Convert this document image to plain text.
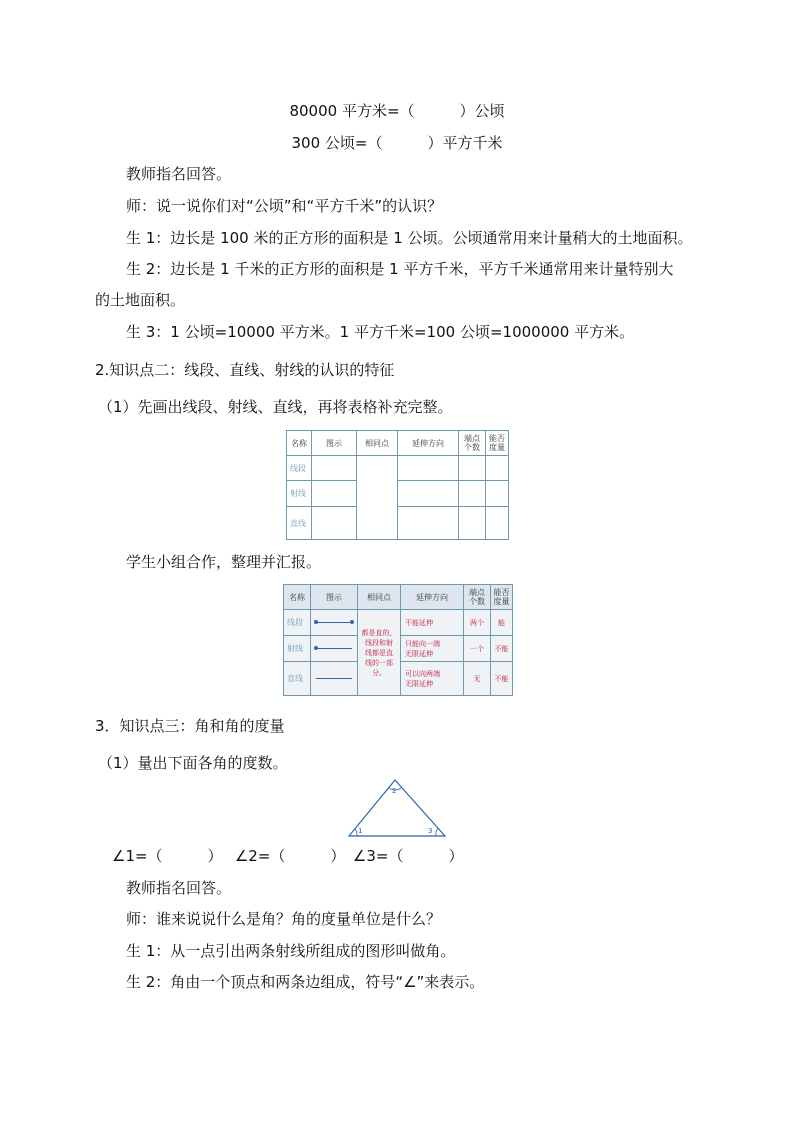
80000 平方米=（　　　）公顷
300 公顷=（　　　）平方千米
教师指名回答。
师：说一说你们对“公顷”和“平方千米”的认识？
生 1：边长是 100 米的正方形的面积是 1 公顷。公顷通常用来计量稍大的土地面积。
生 2：边长是 1 千米的正方形的面积是 1 平方千米，平方千米通常用来计量特别大
的土地面积。
生 3：1 公顷=10000 平方米。1 平方千米=100 公顷=1000000 平方米。
2.知识点二：线段、直线、射线的认识的特征
（1）先画出线段、射线、直线，再将表格补充完整。
名称	图示	相同点	延伸方向	端点
个数	能否
度量
线段					
射线					
直线					
学生小组合作，整理并汇报。
名称	图示	相同点	延伸方向	端点
个数	能否
度量
线段		都是直的，
线段和射
线都是直
线的一部
分。	不能延伸	两个	能
射线			只能向一端
无限延伸	一个	不能
直线			可以向两端
无限延伸	无	不能
3．知识点三：角和角的度量
（1）量出下面各角的度数。
1
2
3
∠1=（　　　）　 ∠2=（　　　）　∠3=（　　　）
教师指名回答。
师：谁来说说什么是角？角的度量单位是什么？
生 1：从一点引出两条射线所组成的图形叫做角。
生 2：角由一个顶点和两条边组成，符号“∠”来表示。
